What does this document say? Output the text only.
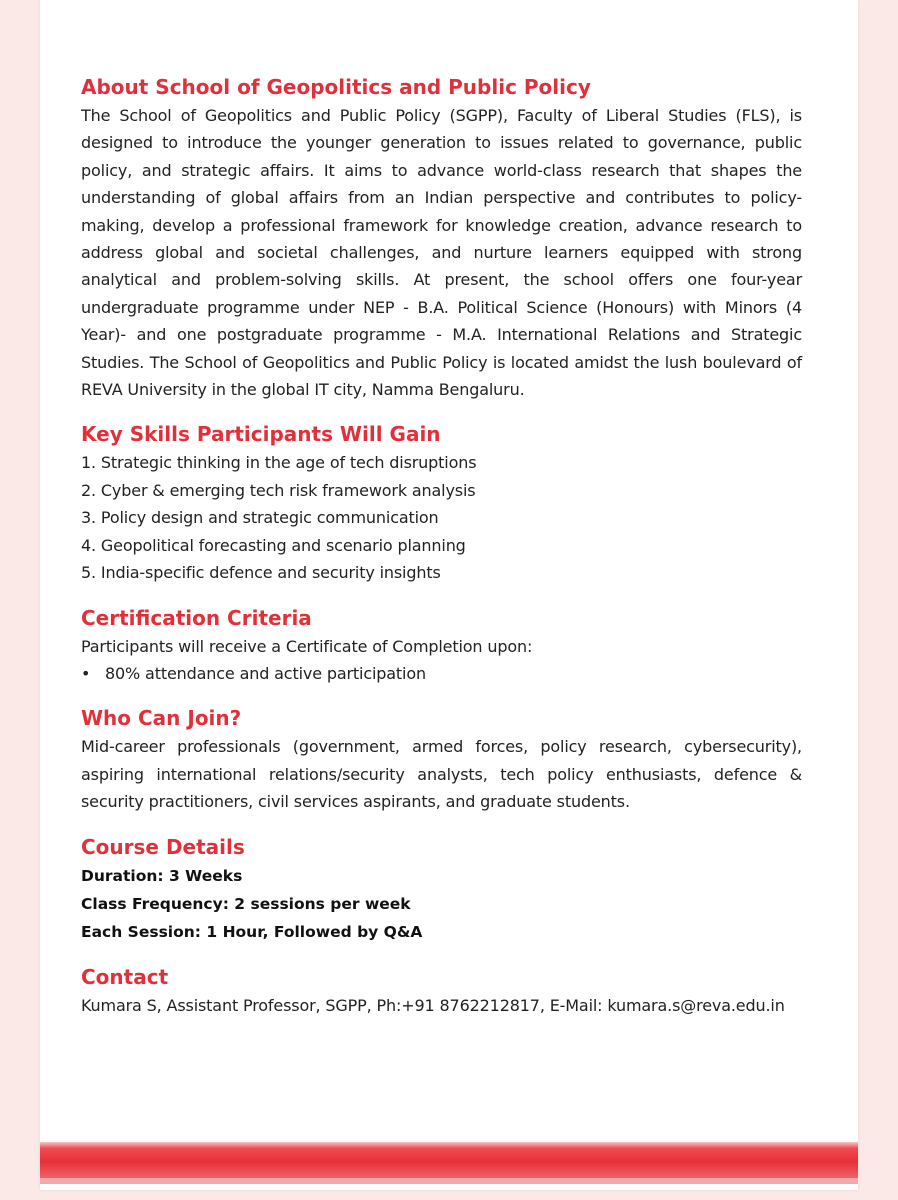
About School of Geopolitics and Public Policy

The School of Geopolitics and Public Policy (SGPP), Faculty of Liberal Studies (FLS), is designed to introduce the younger generation to issues related to governance, public policy, and strategic affairs. It aims to advance world-class research that shapes the understanding of global affairs from an Indian perspective and contributes to policy-making, develop a professional framework for knowledge creation, advance research to address global and societal challenges, and nurture learners equipped with strong analytical and problem-solving skills. At present, the school offers one four-year undergraduate programme under NEP - B.A. Political Science (Honours) with Minors (4 Year)- and one postgraduate programme - M.A. International Relations and Strategic Studies. The School of Geopolitics and Public Policy is located amidst the lush boulevard of REVA University in the global IT city, Namma Bengaluru.

Key Skills Participants Will Gain
1. Strategic thinking in the age of tech disruptions
2. Cyber & emerging tech risk framework analysis
3. Policy design and strategic communication
4. Geopolitical forecasting and scenario planning
5. India-specific defence and security insights
Certification Criteria

Participants will receive a Certificate of Completion upon:

• 80% attendance and active participation
Who Can Join?

Mid-career professionals (government, armed forces, policy research, cybersecurity), aspiring international relations/security analysts, tech policy enthusiasts, defence & security practitioners, civil services aspirants, and graduate students.

Course Details

Duration: 3 Weeks

Class Frequency: 2 sessions per week

Each Session: 1 Hour, Followed by Q&A

Contact

Kumara S, Assistant Professor, SGPP, Ph:+91 8762212817, E-Mail: kumara.s@reva.edu.in
